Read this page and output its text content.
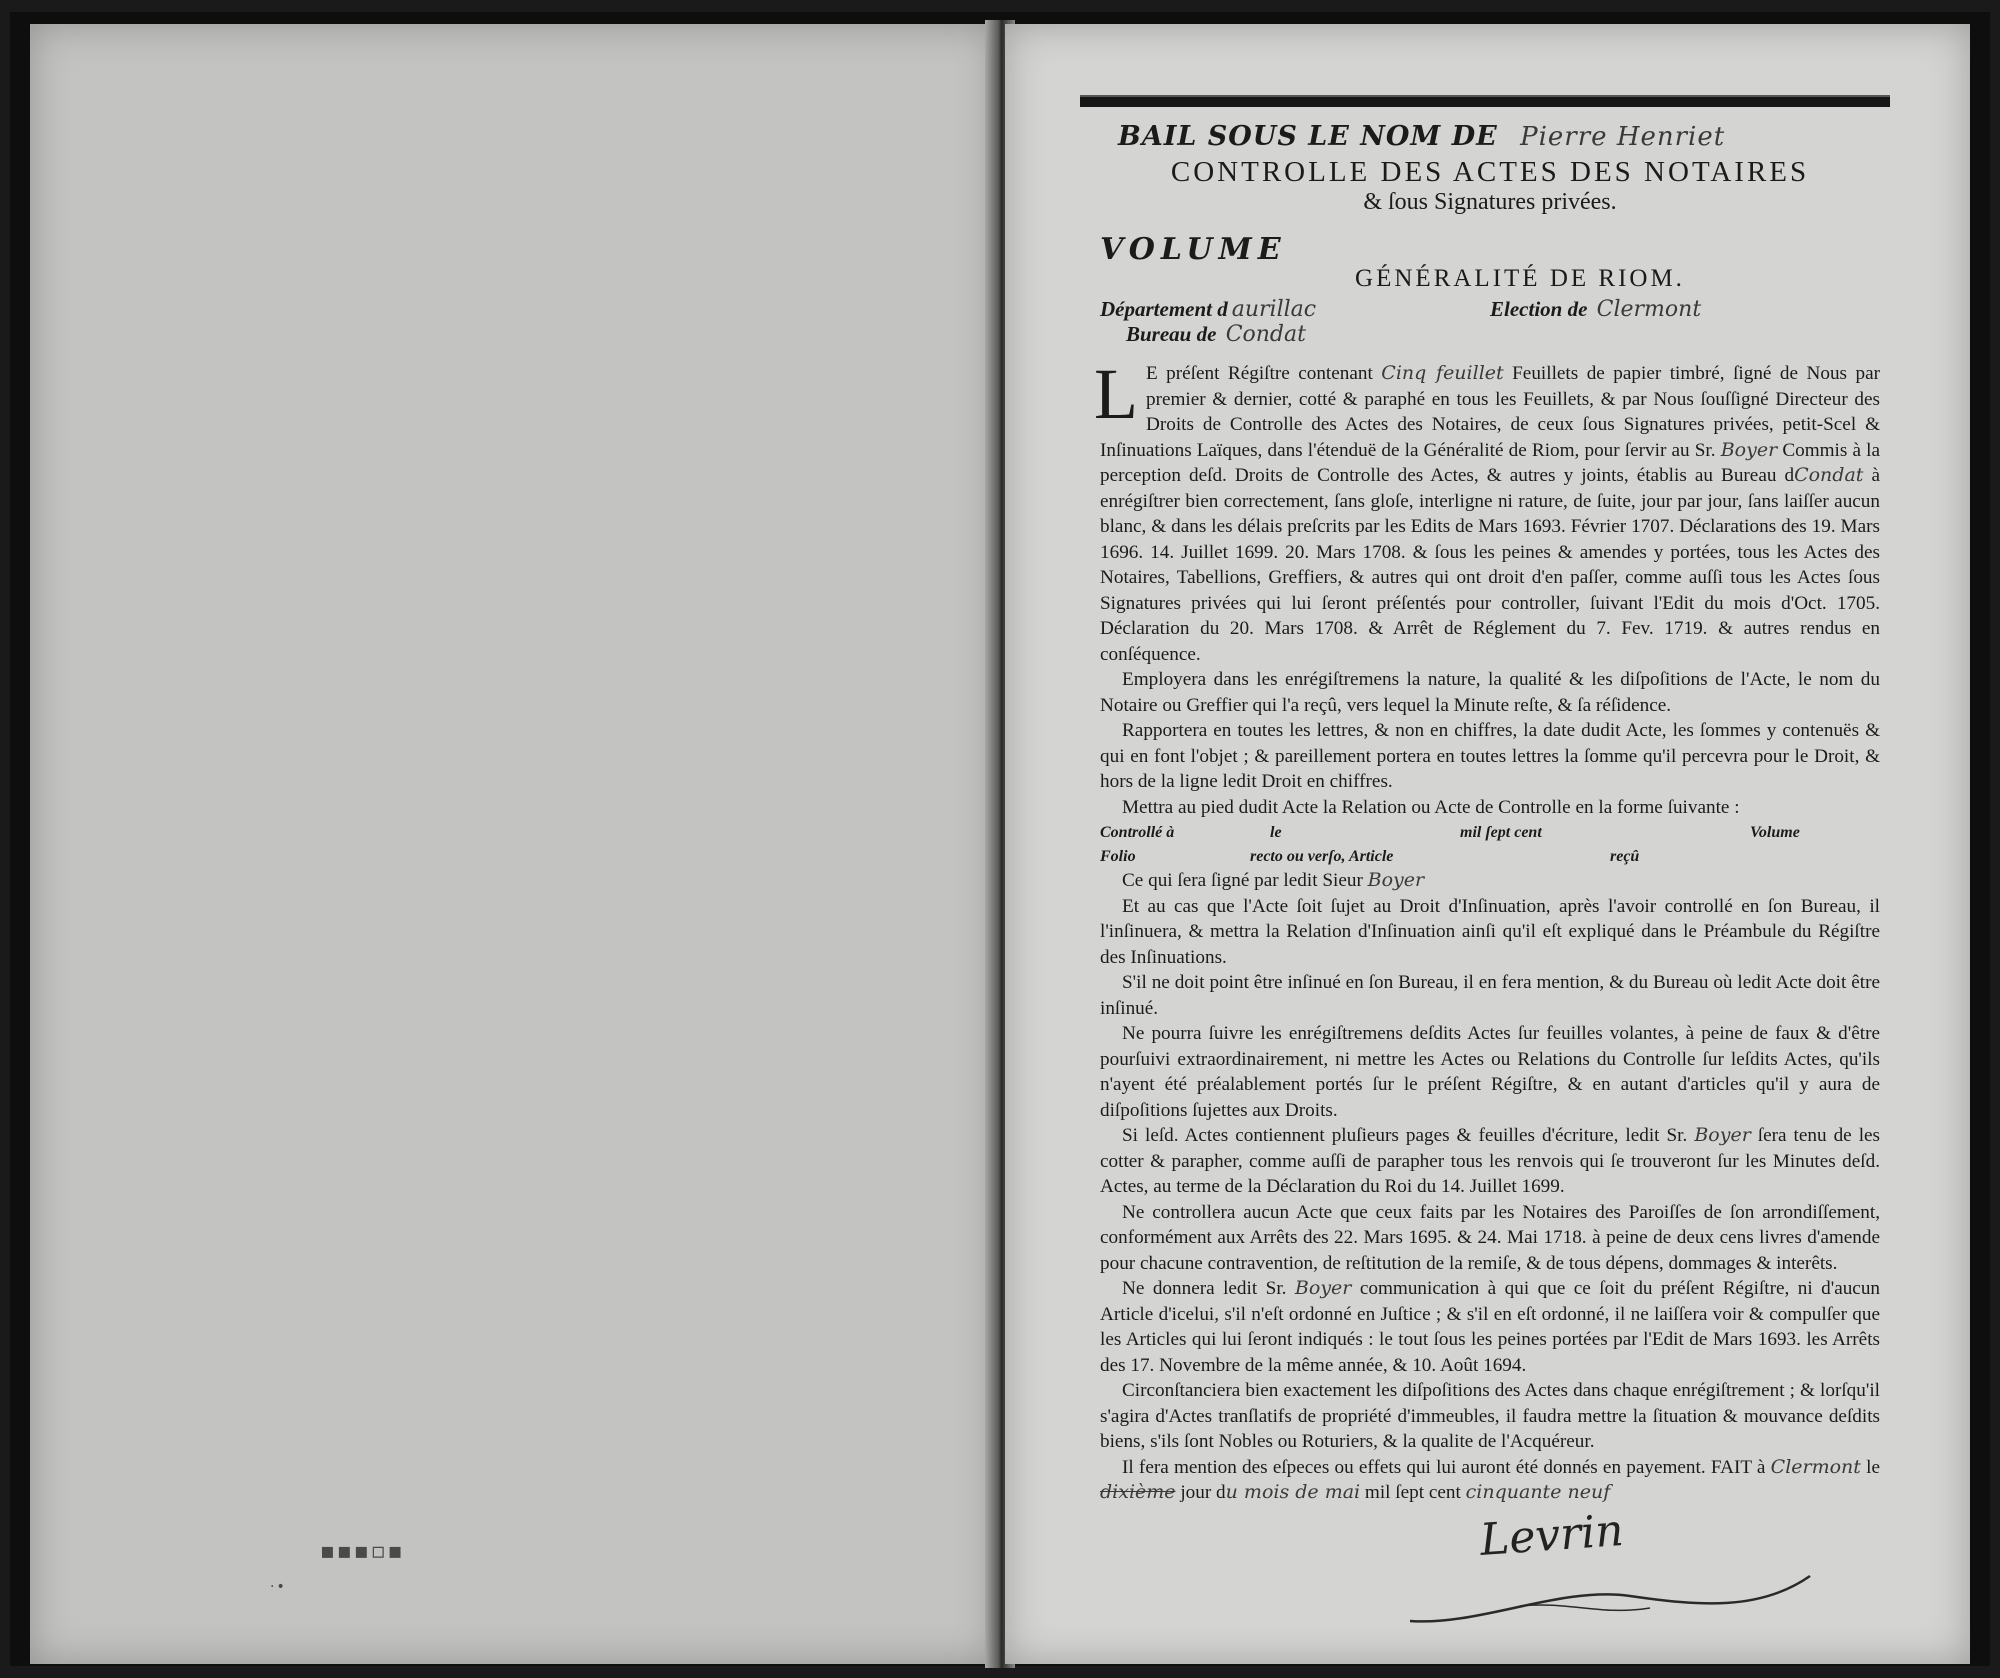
▪▪▪▫▪
·•
BAIL SOUS LE NOM DE Pierre Henriet
CONTROLLE DES ACTES DES NOTAIRES
& ſous Signatures privées.
VOLUME
GÉNÉRALITÉ DE RIOM.
Département d aurillac	Election de Clermont
Bureau de Condat

L E préſent Régiſtre contenant Cinq feuillet Feuillets de papier timbré, ſigné de Nous par premier & dernier, cotté & paraphé en tous les Feuillets, & par Nous ſouſſigné Directeur des Droits de Controlle des Actes des Notaires, de ceux ſous Signatures privées, petit-Scel & Inſinuations Laïques, dans l'étenduë de la Généralité de Riom, pour ſervir au Sr. Boyer Commis à la perception deſd. Droits de Controlle des Actes, & autres y joints, établis au Bureau dCondat à enrégiſtrer bien correctement, ſans gloſe, interligne ni rature, de ſuite, jour par jour, ſans laiſſer aucun blanc, & dans les délais preſcrits par les Edits de Mars 1693. Février 1707. Déclarations des 19. Mars 1696. 14. Juillet 1699. 20. Mars 1708. & ſous les peines & amendes y portées, tous les Actes des Notaires, Tabellions, Greffiers, & autres qui ont droit d'en paſſer, comme auſſi tous les Actes ſous Signatures privées qui lui ſeront préſentés pour controller, ſuivant l'Edit du mois d'Oct. 1705. Déclaration du 20. Mars 1708. & Arrêt de Réglement du 7. Fev. 1719. & autres rendus en conſéquence.

Employera dans les enrégiſtremens la nature, la qualité & les diſpoſitions de l'Acte, le nom du Notaire ou Greffier qui l'a reçû, vers lequel la Minute reſte, & ſa réſidence.

Rapportera en toutes les lettres, & non en chiffres, la date dudit Acte, les ſommes y contenuës & qui en font l'objet ; & pareillement portera en toutes lettres la ſomme qu'il percevra pour le Droit, & hors de la ligne ledit Droit en chiffres.

Mettra au pied dudit Acte la Relation ou Acte de Controlle en la forme ſuivante :

Controllé à	le	mil ſept cent	Volume
Folio	recto ou verſo, Article	reçû

Ce qui ſera ſigné par ledit Sieur Boyer

Et au cas que l'Acte ſoit ſujet au Droit d'Inſinuation, après l'avoir controllé en ſon Bureau, il l'inſinuera, & mettra la Relation d'Inſinuation ainſi qu'il eſt expliqué dans le Préambule du Régiſtre des Inſinuations.

S'il ne doit point être inſinué en ſon Bureau, il en fera mention, & du Bureau où ledit Acte doit être inſinué.

Ne pourra ſuivre les enrégiſtremens deſdits Actes ſur feuilles volantes, à peine de faux & d'être pourſuivi extraordinairement, ni mettre les Actes ou Relations du Controlle ſur leſdits Actes, qu'ils n'ayent été préalablement portés ſur le préſent Régiſtre, & en autant d'articles qu'il y aura de diſpoſitions ſujettes aux Droits.

Si leſd. Actes contiennent pluſieurs pages & feuilles d'écriture, ledit Sr. Boyer ſera tenu de les cotter & parapher, comme auſſi de parapher tous les renvois qui ſe trouveront ſur les Minutes deſd. Actes, au terme de la Déclaration du Roi du 14. Juillet 1699.

Ne controllera aucun Acte que ceux faits par les Notaires des Paroiſſes de ſon arrondiſſement, conformément aux Arrêts des 22. Mars 1695. & 24. Mai 1718. à peine de deux cens livres d'amende pour chacune contravention, de reſtitution de la remiſe, & de tous dépens, dommages & interêts.

Ne donnera ledit Sr. Boyer communication à qui que ce ſoit du préſent Régiſtre, ni d'aucun Article d'icelui, s'il n'eſt ordonné en Juſtice ; & s'il en eſt ordonné, il ne laiſſera voir & compulſer que les Articles qui lui ſeront indiqués : le tout ſous les peines portées par l'Edit de Mars 1693. les Arrêts des 17. Novembre de la même année, & 10. Août 1694.

Circonſtanciera bien exactement les diſpoſitions des Actes dans chaque enrégiſtrement ; & lorſqu'il s'agira d'Actes tranſlatifs de propriété d'immeubles, il faudra mettre la ſituation & mouvance deſdits biens, s'ils ſont Nobles ou Roturiers, & la qualite de l'Acquéreur.

Il fera mention des eſpeces ou effets qui lui auront été donnés en payement. FAIT à Clermont le dixième jour du mois de mai mil ſept cent cinquante neuf

Levrin
